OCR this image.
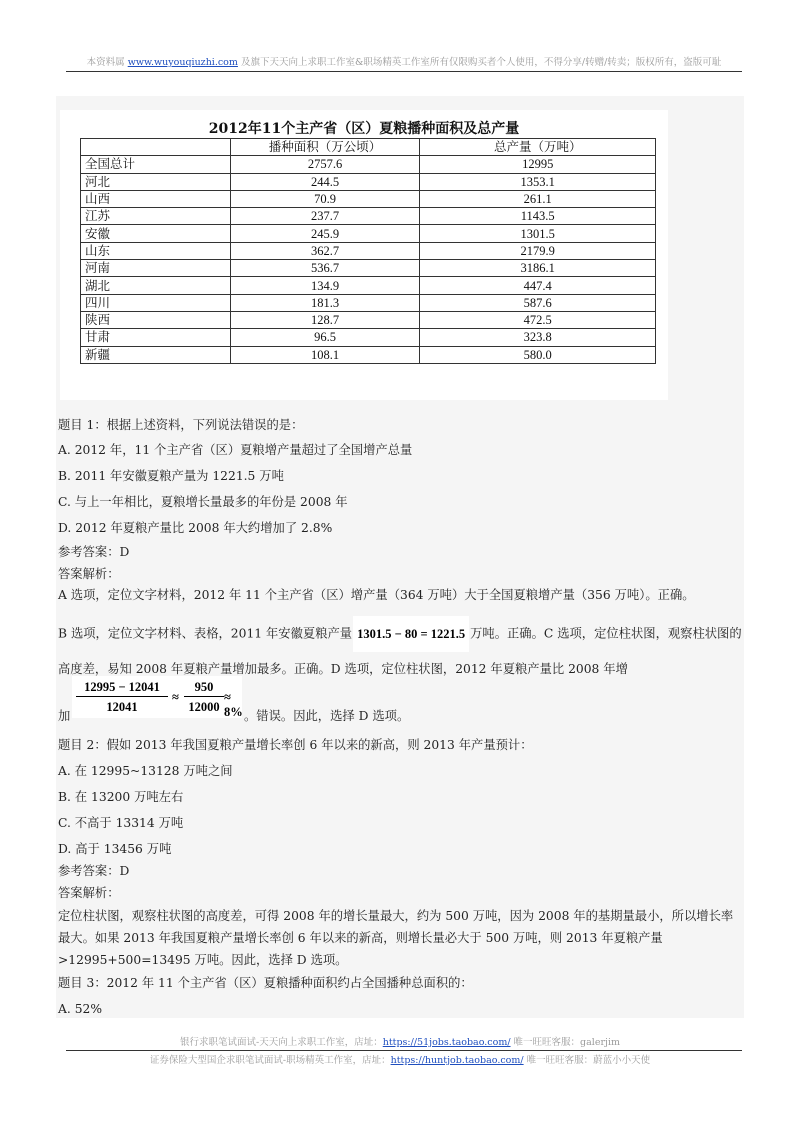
本资料属 www.wuyouqiuzhi.com 及旗下天天向上求职工作室&职场精英工作室所有仅限购买者个人使用，不得分享/转赠/转卖；版权所有，盗版可耻
2012年11个主产省（区）夏粮播种面积及总产量
	播种面积（万公顷）	总产量（万吨）
全国总计	2757.6	12995
河北	244.5	1353.1
山西	70.9	261.1
江苏	237.7	1143.5
安徽	245.9	1301.5
山东	362.7	2179.9
河南	536.7	3186.1
湖北	134.9	447.4
四川	181.3	587.6
陕西	128.7	472.5
甘肃	96.5	323.8
新疆	108.1	580.0
题目 1：根据上述资料，下列说法错误的是：
A. 2012 年，11 个主产省（区）夏粮增产量超过了全国增产总量
B. 2011 年安徽夏粮产量为 1221.5 万吨
C. 与上一年相比，夏粮增长量最多的年份是 2008 年
D. 2012 年夏粮产量比 2008 年大约增加了 2.8%
参考答案：D
答案解析：
A 选项，定位文字材料，2012 年 11 个主产省（区）增产量（364 万吨）大于全国夏粮增产量（356 万吨）。正确。
B 选项，定位文字材料、表格，2011 年安徽夏粮产量 1301.5 − 80 = 1221.5 万吨。正确。C 选项，定位柱状图，观察柱状图的高度差，易知 2008 年夏粮产量增加最多。正确。D 选项，定位柱状图，2012 年夏粮产量比 2008 年增
加
$\frac{12995 - 12041}{12041} \approx \frac{950}{12000} \approx 8\%$ 。错误。因此，选择 D 选项。
题目 2：假如 2013 年我国夏粮产量增长率创 6 年以来的新高，则 2013 年产量预计：
A. 在 12995~13128 万吨之间
B. 在 13200 万吨左右
C. 不高于 13314 万吨
D. 高于 13456 万吨
参考答案：D
答案解析：
定位柱状图，观察柱状图的高度差，可得 2008 年的增长量最大，约为 500 万吨，因为 2008 年的基期量最小，所以增长率最大。如果 2013 年我国夏粮产量增长率创 6 年以来的新高，则增长量必大于 500 万吨，则 2013 年夏粮产量>12995+500=13495 万吨。因此，选择 D 选项。
题目 3：2012 年 11 个主产省（区）夏粮播种面积约占全国播种总面积的：
A. 52%
银行求职笔试面试-天天向上求职工作室，店址：https://51jobs.taobao.com/ 唯一旺旺客服：galerjim
证券保险大型国企求职笔试面试-职场精英工作室，店址：https://huntjob.taobao.com/ 唯一旺旺客服：蔚蓝小小天使
